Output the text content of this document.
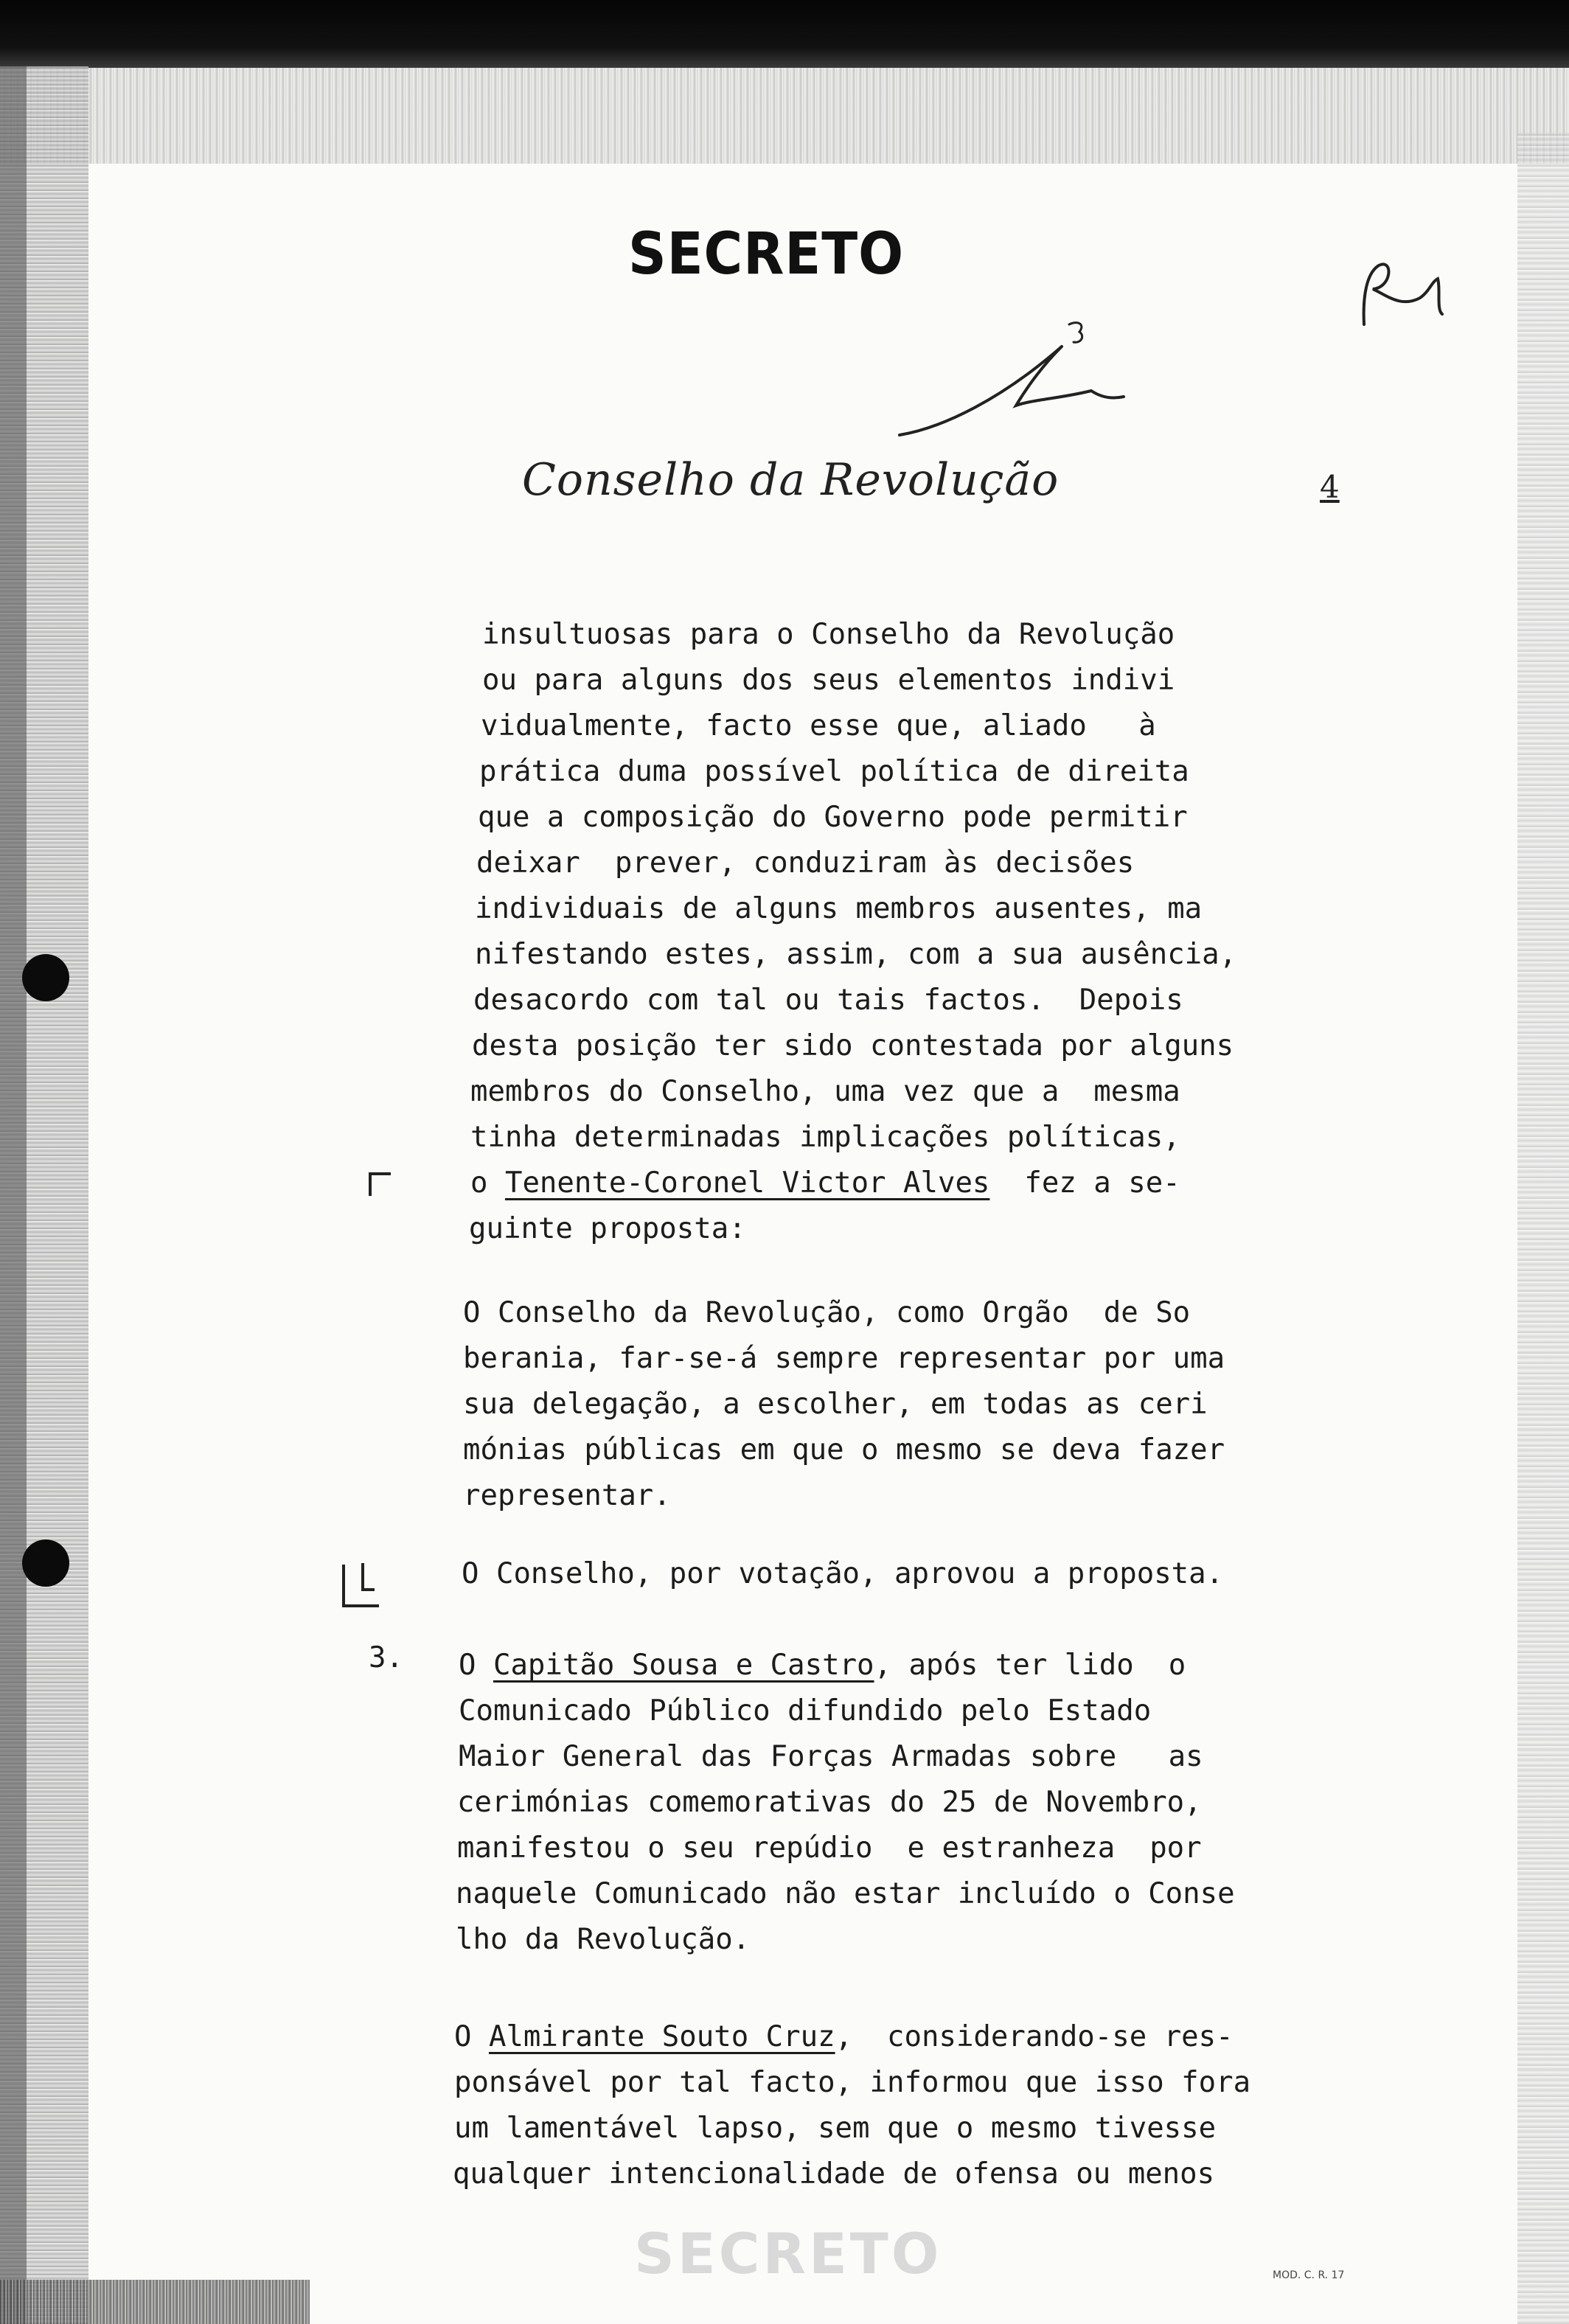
SECRETO
Conselho da Revolução	4
insultuosas para o Conselho da Revolução
ou para alguns dos seus elementos indivi
vidualmente, facto esse que, aliado   à
prática duma possível política de direita
que a composição do Governo pode permitir
deixar  prever, conduziram às decisões
individuais de alguns membros ausentes, ma
nifestando estes, assim, com a sua ausência,
desacordo com tal ou tais factos.  Depois
desta posição ter sido contestada por alguns
membros do Conselho, uma vez que a  mesma
tinha determinadas implicações políticas,
o Tenente-Coronel Victor Alves  fez a se-
guinte proposta:
O Conselho da Revolução, como Orgão  de So
berania, far-se-á sempre representar por uma
sua delegação, a escolher, em todas as ceri
mónias públicas em que o mesmo se deva fazer
representar.
O Conselho, por votação, aprovou a proposta.
3. O Capitão Sousa e Castro, após ter lido  o
Comunicado Público difundido pelo Estado
Maior General das Forças Armadas sobre   as
cerimónias comemorativas do 25 de Novembro,
manifestou o seu repúdio  e estranheza  por
naquele Comunicado não estar incluído o Conse
lho da Revolução.
O Almirante Souto Cruz,  considerando-se res-
ponsável por tal facto, informou que isso fora
um lamentável lapso, sem que o mesmo tivesse
qualquer intencionalidade de ofensa ou menos
SECRETO	MOD. C. R. 17
